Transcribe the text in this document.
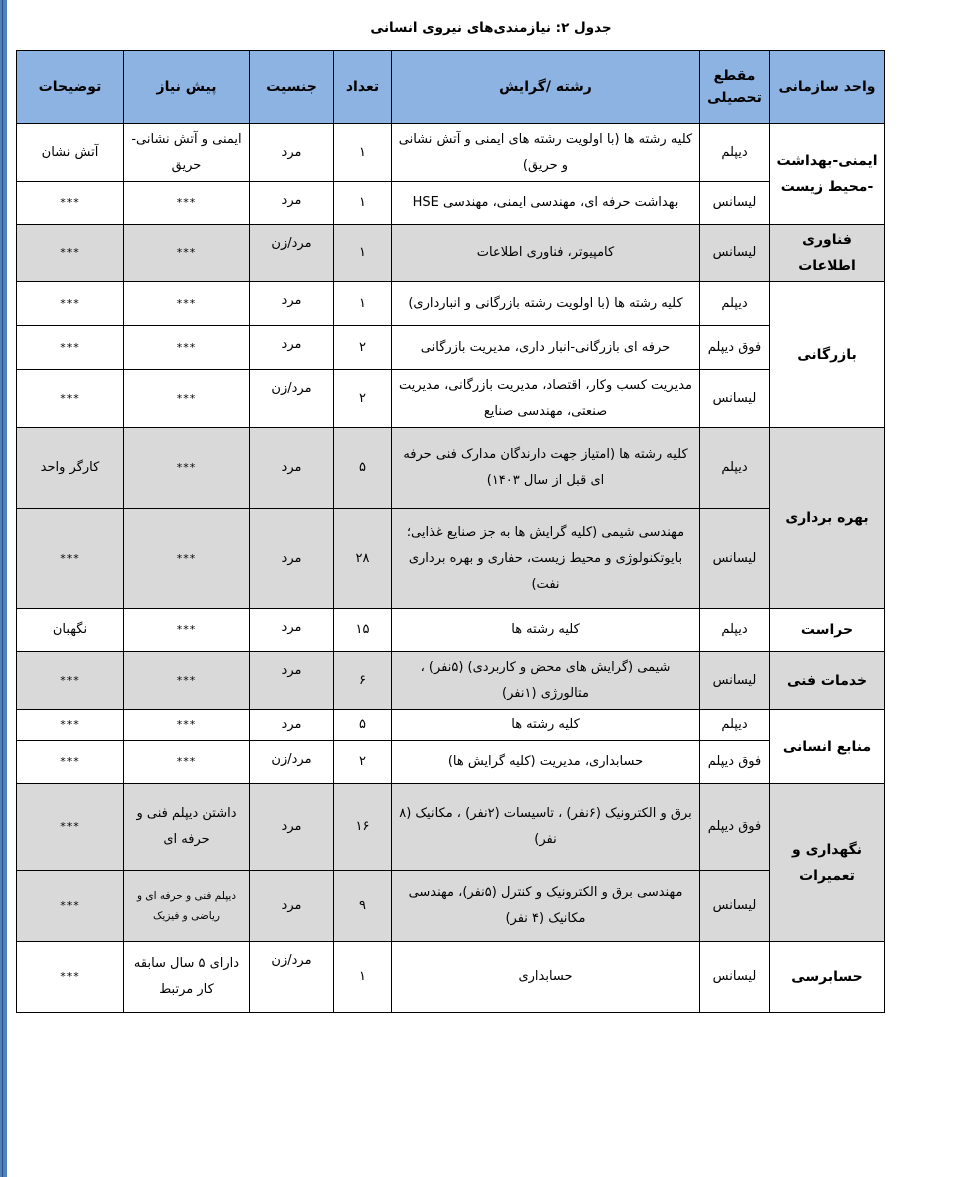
جدول ۲: نیازمندی‌های نیروی انسانی
واحد سازمانی	مقطع تحصیلی	رشته /گرایش	تعداد	جنسیت	پیش نیاز	توضیحات
ایمنی-بهداشت -محیط زیست	دیپلم	کلیه رشته ها (با اولویت رشته های ایمنی و آتش نشانی و حریق)	۱	مرد	ایمنی و آتش نشانی-حریق	آتش نشان
	لیسانس	بهداشت حرفه ای، مهندسی ایمنی، مهندسی HSE	۱	مرد	***	***
فناوری اطلاعات	لیسانس	کامپیوتر، فناوری اطلاعات	۱	مرد/زن	***	***
بازرگانی	دیپلم	کلیه رشته ها (با اولویت رشته بازرگانی و انبارداری)	۱	مرد	***	***
	فوق دیپلم	حرفه ای بازرگانی-انبار داری، مدیریت بازرگانی	۲	مرد	***	***
	لیسانس	مدیریت کسب وکار، اقتصاد، مدیریت بازرگانی، مدیریت صنعتی، مهندسی صنایع	۲	مرد/زن	***	***
بهره برداری	دیپلم	کلیه رشته ها (امتیاز جهت دارندگان مدارک فنی حرفه ای قبل از سال ۱۴۰۳)	۵	مرد	***	کارگر واحد
	لیسانس	مهندسی شیمی (کلیه گرایش ها به جز صنایع غذایی؛ بایوتکنولوژی و محیط زیست، حفاری و بهره برداری نفت)	۲۸	مرد	***	***
حراست	دیپلم	کلیه رشته ها	۱۵	مرد	***	نگهبان
خدمات فنی	لیسانس	شیمی (گرایش های محض و کاربردی) (۵نفر) ، متالورژی (۱نفر)	۶	مرد	***	***
منابع انسانی	دیپلم	کلیه رشته ها	۵	مرد	***	***
	فوق دیپلم	حسابداری، مدیریت (کلیه گرایش ها)	۲	مرد/زن	***	***
نگهداری و تعمیرات	فوق دیپلم	برق و الکترونیک (۶نفر) ، تاسیسات (۲نفر) ، مکانیک (۸ نفر)	۱۶	مرد	داشتن دیپلم فنی و حرفه ای	***
	لیسانس	مهندسی برق و الکترونیک و کنترل (۵نفر)، مهندسی مکانیک (۴ نفر)	۹	مرد	دیپلم فنی و حرفه ای و ریاضی و فیزیک	***
حسابرسی	لیسانس	حسابداری	۱	مرد/زن	دارای ۵ سال سابقه کار مرتبط	***
